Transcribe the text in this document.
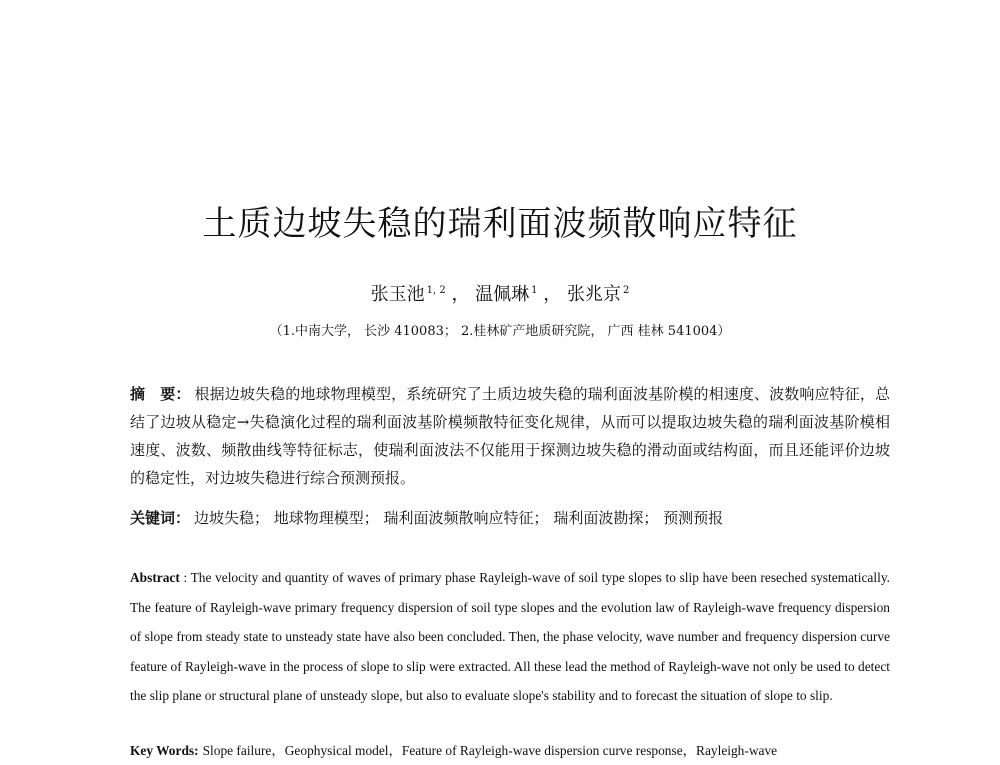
土质边坡失稳的瑞利面波频散响应特征
张玉池 $^{1, 2}$ ， 温佩琳 $^1$ ， 张兆京 $^2$
（1.中南大学， 长沙 410083； 2.桂林矿产地质研究院， 广西 桂林 541004）
摘　要： 根据边坡失稳的地球物理模型，系统研究了土质边坡失稳的瑞利面波基阶模的相速度、波数响应特征，总结了边坡从稳定→失稳演化过程的瑞利面波基阶模频散特征变化规律，从而可以提取边坡失稳的瑞利面波基阶模相速度、波数、频散曲线等特征标志，使瑞利面波法不仅能用于探测边坡失稳的滑动面或结构面，而且还能评价边坡的稳定性，对边坡失稳进行综合预测预报。
关键词： 边坡失稳； 地球物理模型； 瑞利面波频散响应特征； 瑞利面波勘探； 预测预报
Abstract : The velocity and quantity of waves of primary phase Rayleigh-wave of soil type slopes to slip have been reseched systematically. The feature of Rayleigh-wave primary frequency dispersion of soil type slopes and the evolution law of Rayleigh-wave frequency dispersion of slope from steady state to unsteady state have also been concluded. Then, the phase velocity, wave number and frequency dispersion curve feature of Rayleigh-wave in the process of slope to slip were extracted. All these lead the method of Rayleigh-wave not only be used to detect the slip plane or structural plane of unsteady slope, but also to evaluate slope's stability and to forecast the situation of slope to slip.
Key Words: Slope failure，Geophysical model，Feature of Rayleigh-wave dispersion curve response，Rayleigh-wave
